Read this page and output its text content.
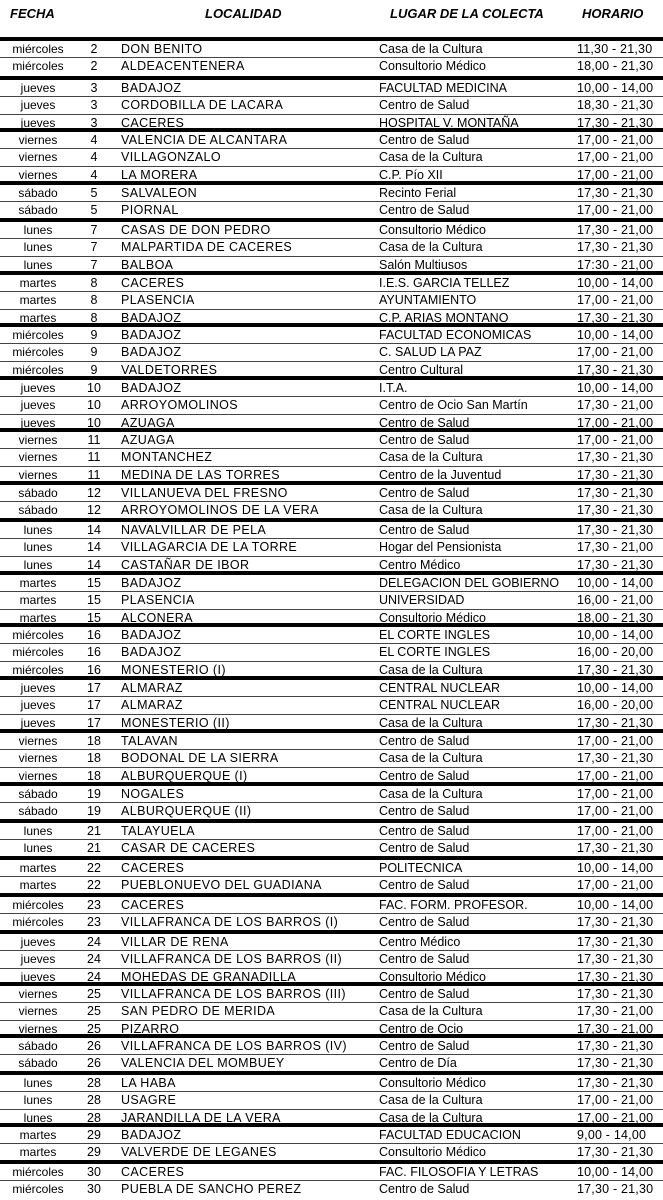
FECHA	LOCALIDAD	LUGAR DE LA COLECTA	HORARIO
miércoles	2	DON BENITO	Casa de la Cultura	11,30 - 21,30
miércoles	2	ALDEACENTENERA	Consultorio Médico	18,00 - 21,30
jueves	3	BADAJOZ	FACULTAD MEDICINA	10,00 - 14,00
jueves	3	CORDOBILLA DE LACARA	Centro de Salud	18,30 - 21,30
jueves	3	CACERES	HOSPITAL V. MONTAÑA	17,30 - 21,30
viernes	4	VALENCIA DE ALCANTARA	Centro de Salud	17,00 - 21,00
viernes	4	VILLAGONZALO	Casa de la Cultura	17,00 - 21,00
viernes	4	LA MORERA	C.P. Pío XII	17,00 - 21,00
sábado	5	SALVALEON	Recinto Ferial	17,30 - 21,30
sábado	5	PIORNAL	Centro de Salud	17,00 - 21,00
lunes	7	CASAS DE DON PEDRO	Consultorio Médico	17,30 - 21,00
lunes	7	MALPARTIDA DE CACERES	Casa de la Cultura	17,30 - 21,30
lunes	7	BALBOA	Salón Multiusos	17:30 - 21,00
martes	8	CACERES	I.E.S. GARCIA TELLEZ	10,00 - 14,00
martes	8	PLASENCIA	AYUNTAMIENTO	17,00 - 21,00
martes	8	BADAJOZ	C.P. ARIAS MONTANO	17,30 - 21,30
miércoles	9	BADAJOZ	FACULTAD ECONOMICAS	10,00 - 14,00
miércoles	9	BADAJOZ	C. SALUD LA PAZ	17,00 - 21,00
miércoles	9	VALDETORRES	Centro Cultural	17,30 - 21,30
jueves	10	BADAJOZ	I.T.A.	10,00 - 14,00
jueves	10	ARROYOMOLINOS	Centro de Ocio San Martín	17,30 - 21,00
jueves	10	AZUAGA	Centro de Salud	17,00 - 21,00
viernes	11	AZUAGA	Centro de Salud	17,00 - 21,00
viernes	11	MONTANCHEZ	Casa de la Cultura	17,30 - 21,30
viernes	11	MEDINA DE LAS TORRES	Centro de la Juventud	17,30 - 21,30
sábado	12	VILLANUEVA DEL FRESNO	Centro de Salud	17,30 - 21,30
sábado	12	ARROYOMOLINOS DE LA VERA	Casa de la Cultura	17,30 - 21,30
lunes	14	NAVALVILLAR DE PELA	Centro de Salud	17,30 - 21,30
lunes	14	VILLAGARCIA DE LA TORRE	Hogar del Pensionista	17,30 - 21,00
lunes	14	CASTAÑAR DE IBOR	Centro Médico	17,30 - 21,30
martes	15	BADAJOZ	DELEGACION DEL GOBIERNO	10,00 - 14,00
martes	15	PLASENCIA	UNIVERSIDAD	16,00 - 21,00
martes	15	ALCONERA	Consultorio Médico	18,00 - 21,30
miércoles	16	BADAJOZ	EL CORTE INGLES	10,00 - 14,00
miércoles	16	BADAJOZ	EL CORTE INGLES	16,00 - 20,00
miércoles	16	MONESTERIO (I)	Casa de la Cultura	17,30 - 21,30
jueves	17	ALMARAZ	CENTRAL NUCLEAR	10,00 - 14,00
jueves	17	ALMARAZ	CENTRAL NUCLEAR	16,00 - 20,00
jueves	17	MONESTERIO (II)	Casa de la Cultura	17,30 - 21,30
viernes	18	TALAVAN	Centro de Salud	17,00 - 21,00
viernes	18	BODONAL DE LA SIERRA	Casa de la Cultura	17,30 - 21,30
viernes	18	ALBURQUERQUE (I)	Centro de Salud	17,00 - 21,00
sábado	19	NOGALES	Casa de la Cultura	17,00 - 21,00
sábado	19	ALBURQUERQUE (II)	Centro de Salud	17,00 - 21,00
lunes	21	TALAYUELA	Centro de Salud	17,00 - 21,00
lunes	21	CASAR DE CACERES	Centro de Salud	17,30 - 21,30
martes	22	CACERES	POLITECNICA	10,00 - 14,00
martes	22	PUEBLONUEVO DEL GUADIANA	Centro de Salud	17,00 - 21,00
miércoles	23	CACERES	FAC. FORM. PROFESOR.	10,00 - 14,00
miércoles	23	VILLAFRANCA DE LOS BARROS (I)	Centro de Salud	17,30 - 21,30
jueves	24	VILLAR DE RENA	Centro Médico	17,30 - 21,30
jueves	24	VILLAFRANCA DE LOS BARROS (II)	Centro de Salud	17,30 - 21,30
jueves	24	MOHEDAS DE GRANADILLA	Consultorio Médico	17,30 - 21,30
viernes	25	VILLAFRANCA DE LOS BARROS (III)	Centro de Salud	17,30 - 21,30
viernes	25	SAN PEDRO DE MERIDA	Casa de la Cultura	17,30 - 21,00
viernes	25	PIZARRO	Centro de Ocio	17,30 - 21,00
sábado	26	VILLAFRANCA DE LOS BARROS (IV)	Centro de Salud	17,30 - 21,30
sábado	26	VALENCIA DEL MOMBUEY	Centro de Día	17,30 - 21,30
lunes	28	LA HABA	Consultorio Médico	17,30 - 21,30
lunes	28	USAGRE	Casa de la Cultura	17,00 - 21,00
lunes	28	JARANDILLA DE LA VERA	Casa de la Cultura	17,00 - 21,00
martes	29	BADAJOZ	FACULTAD EDUCACION	9,00 - 14,00
martes	29	VALVERDE DE LEGANES	Consultorio Médico	17,30 - 21,30
miércoles	30	CACERES	FAC. FILOSOFIA Y LETRAS	10,00 - 14,00
miércoles	30	PUEBLA DE SANCHO PEREZ	Centro de Salud	17,30 - 21,30
